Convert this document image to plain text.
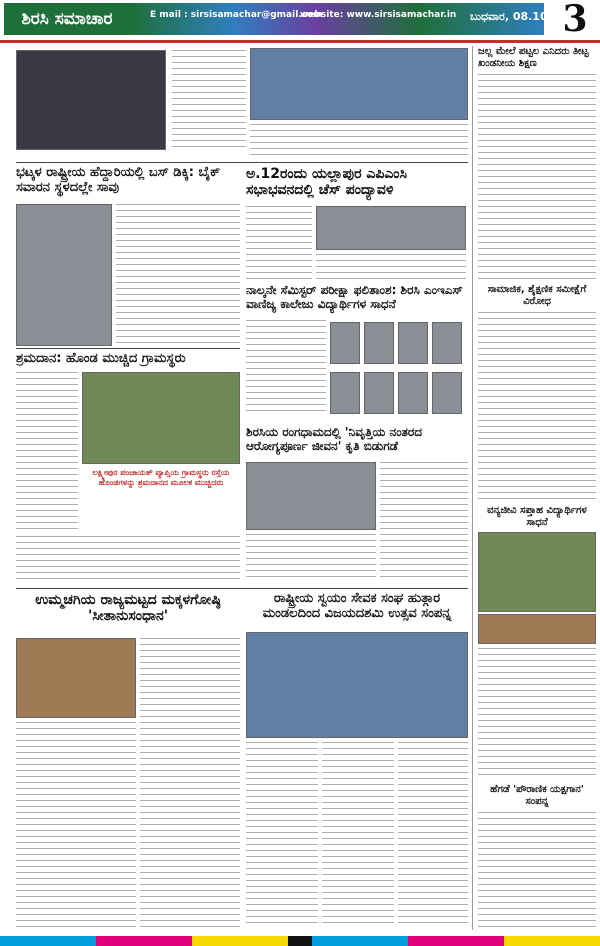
ಶಿರಸಿ ಸಮಾಚಾರ	E mail : sirsisamachar@gmail.com
website: www.sirsisamachar.in ಬುಧವಾರ, 08.10.2025
3
ಜಲ್ಲ ಮೇಲೆ ಪಟ್ಟಲ ಎನಿದರು ತೀಟ್ಟ ಖಂಡನೀಯ ಶಿಕ್ಷಣ
ಸಾಮಾಜಿಕ, ಶೈಕ್ಷಣಿಕ ಸಮೀಕ್ಷೆಗೆ ವಿರೋಧ
ವನ್ಯಜೀವಿ ಸಪ್ತಾಹ ವಿದ್ಯಾರ್ಥಿಗಳ ಸಾಧನೆ
ಹೆಗಡೆ 'ಪೌರಾಣಿಕ ಯಕ್ಷಗಾನ' ಸಂಪನ್ನ
ಭಟ್ಕಳ ರಾಷ್ಟ್ರೀಯ ಹೆದ್ದಾರಿಯಲ್ಲಿ ಬಸ್ ಡಿಕ್ಕಿ: ಬೈಕ್ ಸವಾರನ ಸ್ಥಳದಲ್ಲೇ ಸಾವು
ಅ.12ರಂದು ಯಲ್ಲಾಪುರ ಎಪಿಎಂಸಿ ಸಭಾಭವನದಲ್ಲಿ ಚೆಸ್ ಪಂದ್ಯಾವಳಿ
ನಾಲ್ಕನೇ ಸೆಮಿಸ್ಟರ್ ಪರೀಕ್ಷಾ ಫಲಿತಾಂಶ: ಶಿರಸಿ ಎಂಇಎಸ್ ವಾಣಿಜ್ಯ ಕಾಲೇಜು ವಿದ್ಯಾರ್ಥಿಗಳ ಸಾಧನೆ
ಶ್ರಮದಾನ: ಹೊಂಡ ಮುಚ್ಚಿದ ಗ್ರಾಮಸ್ಥರು
ಲಕ್ಷ್ಮೀಪುರ ಪಂಚಾಯತ್ ವ್ಯಾಪ್ತಿಯ ಗ್ರಾಮಸ್ಥರು ರಸ್ತೆಯ ಹೊಂಡಗಳನ್ನು ಶ್ರಮದಾನದ ಮೂಲಕ ಮುಚ್ಚಿದರು
ಶಿರಸಿಯ ರಂಗಧಾಮದಲ್ಲಿ 'ನಿವೃತ್ತಿಯ ನಂತರದ ಆರೋಗ್ಯಪೂರ್ಣ ಜೀವನ' ಕೃತಿ ಬಿಡುಗಡೆ
ಉಮ್ಮಚಗಿಯ ರಾಜ್ಯಮಟ್ಟದ ಮಕ್ಕಳಗೋಷ್ಠಿ 'ಸೀತಾನುಸಂಧಾನ'
ರಾಷ್ಟ್ರೀಯ ಸ್ವಯಂ ಸೇವಕ ಸಂಘ ಹುತ್ಗಾರ ಮಂಡಲದಿಂದ ವಿಜಯದಶಮಿ ಉತ್ಸವ ಸಂಪನ್ನ
